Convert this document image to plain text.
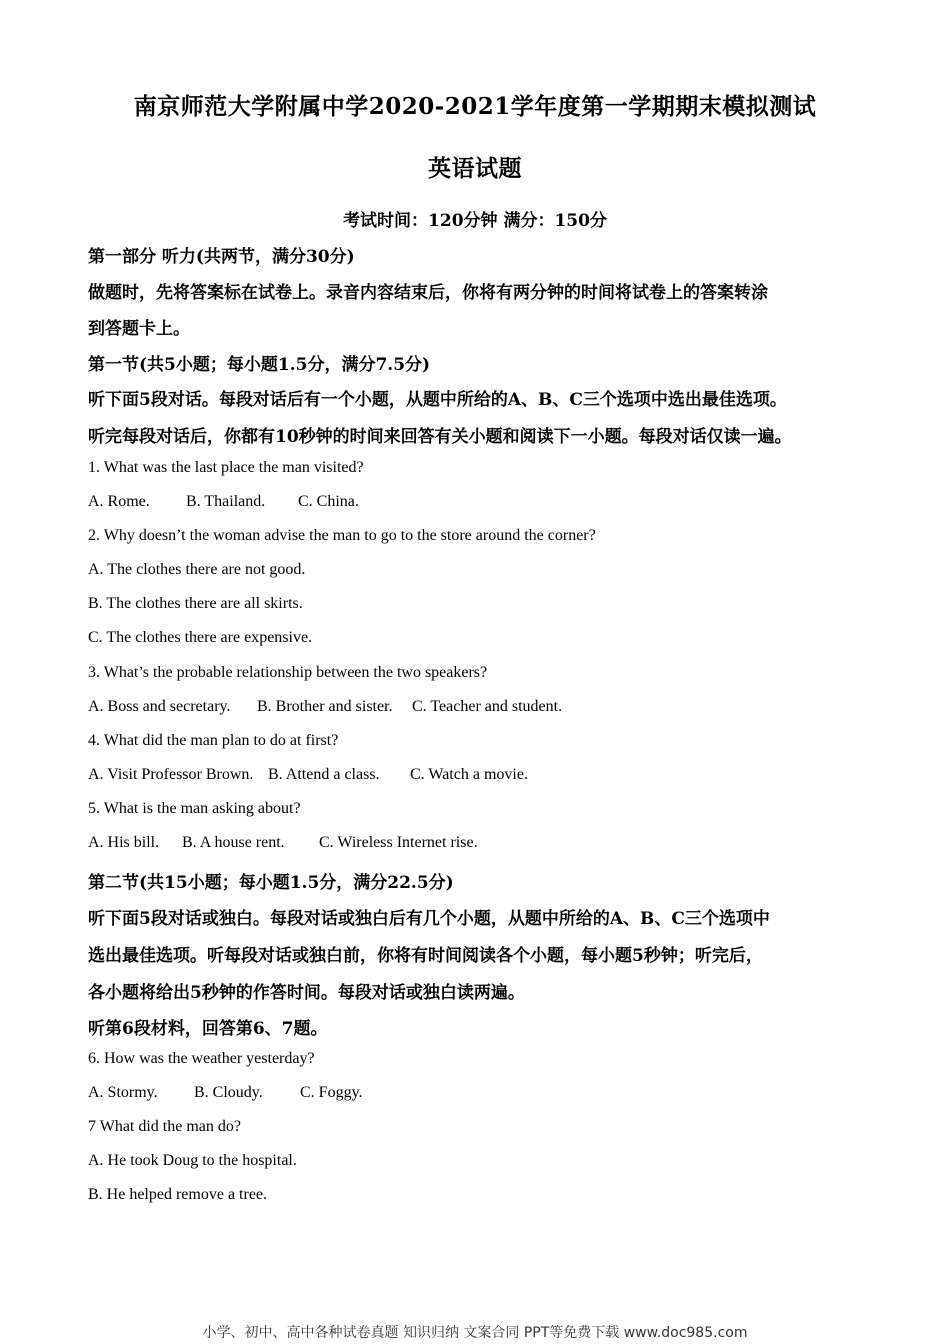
南京师范大学附属中学2020-2021学年度第一学期期末模拟测试
英语试题
考试时间：120分钟 满分：150分
第一部分 听力(共两节，满分30分)
做题时，先将答案标在试卷上。录音内容结束后，你将有两分钟的时间将试卷上的答案转涂
到答题卡上。
第一节(共5小题；每小题1.5分，满分7.5分)
听下面5段对话。每段对话后有一个小题，从题中所给的A、B、C三个选项中选出最佳选项。
听完每段对话后，你都有10秒钟的时间来回答有关小题和阅读下一小题。每段对话仅读一遍。
1. What was the last place the man visited?
A. Rome. B. Thailand. C. China.
2. Why doesn’t the woman advise the man to go to the store around the corner?
A. The clothes there are not good.
B. The clothes there are all skirts.
C. The clothes there are expensive.
3. What’s the probable relationship between the two speakers?
A. Boss and secretary. B. Brother and sister. C. Teacher and student.
4. What did the man plan to do at first?
A. Visit Professor Brown. B. Attend a class. C. Watch a movie.
5. What is the man asking about?
A. His bill. B. A house rent. C. Wireless Internet rise.
第二节(共15小题；每小题1.5分，满分22.5分)
听下面5段对话或独白。每段对话或独白后有几个小题，从题中所给的A、B、C三个选项中
选出最佳选项。听每段对话或独白前，你将有时间阅读各个小题，每小题5秒钟；听完后，
各小题将给出5秒钟的作答时间。每段对话或独白读两遍。
听第6段材料，回答第6、7题。
6. How was the weather yesterday?
A. Stormy. B. Cloudy. C. Foggy.
7 What did the man do?
A. He took Doug to the hospital.
B. He helped remove a tree.
小学、初中、高中各种试卷真题 知识归纳 文案合同 PPT等免费下载 www.doc985.com
